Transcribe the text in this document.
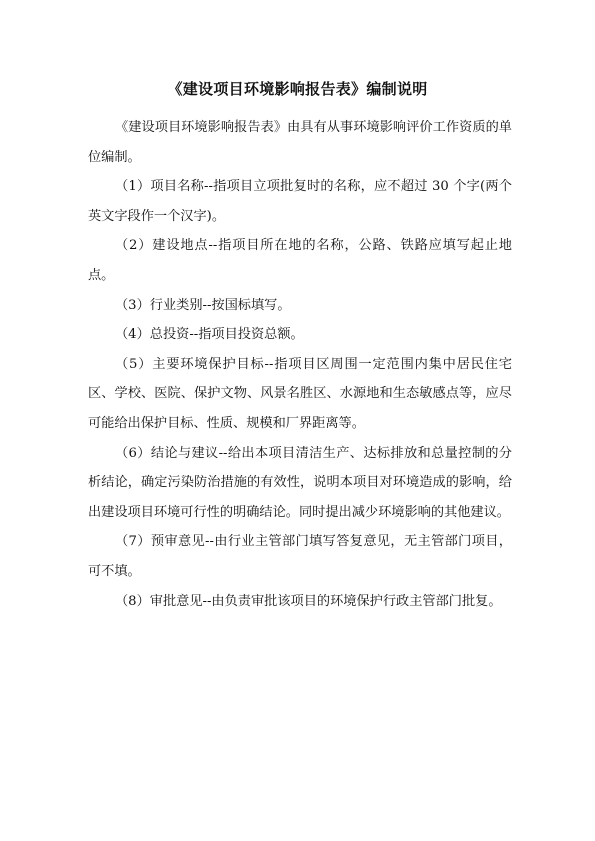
《建设项目环境影响报告表》编制说明

《建设项目环境影响报告表》由具有从事环境影响评价工作资质的单位编制。

（1）项目名称--指项目立项批复时的名称，应不超过 30 个字(两个英文字段作一个汉字)。

（2）建设地点--指项目所在地的名称，公路、铁路应填写起止地点。

（3）行业类别--按国标填写。

（4）总投资--指项目投资总额。

（5）主要环境保护目标--指项目区周围一定范围内集中居民住宅区、学校、医院、保护文物、风景名胜区、水源地和生态敏感点等，应尽可能给出保护目标、性质、规模和厂界距离等。

（6）结论与建议--给出本项目清洁生产、达标排放和总量控制的分析结论，确定污染防治措施的有效性，说明本项目对环境造成的影响，给出建设项目环境可行性的明确结论。同时提出减少环境影响的其他建议。

（7）预审意见--由行业主管部门填写答复意见，无主管部门项目，可不填。

（8）审批意见--由负责审批该项目的环境保护行政主管部门批复。
